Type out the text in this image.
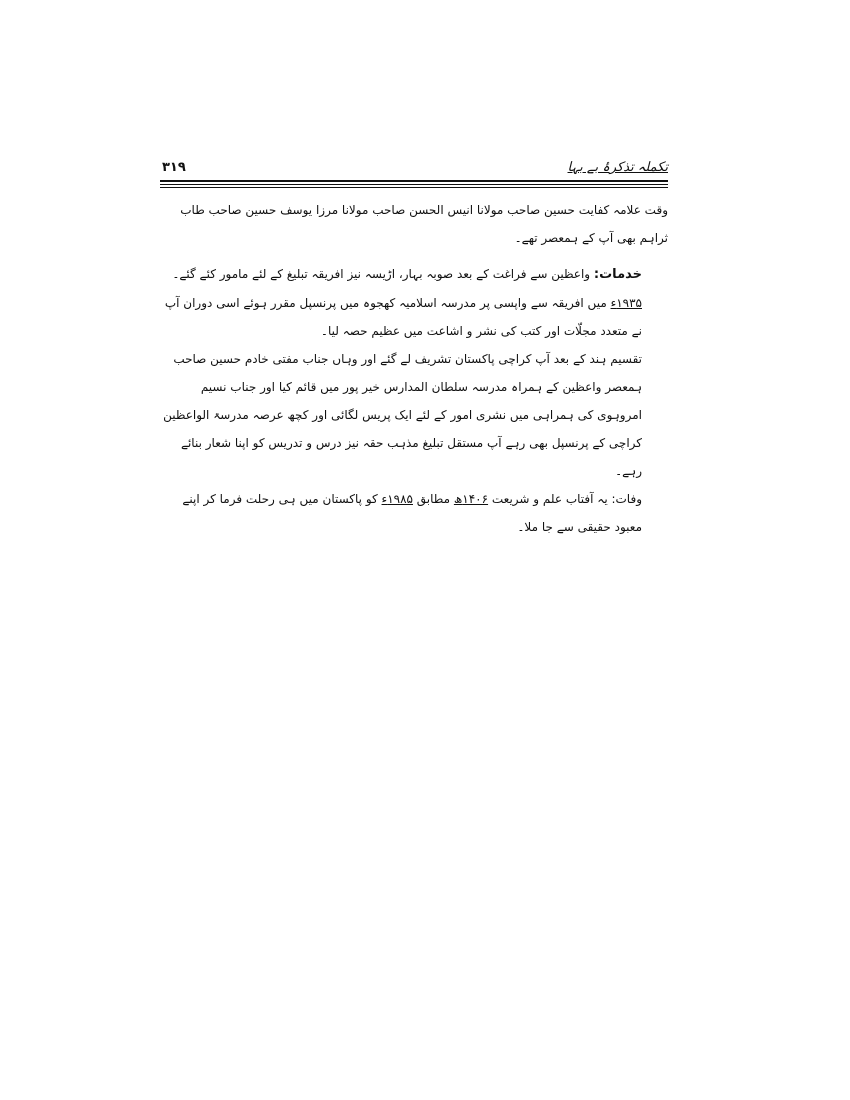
تکملہ تذکرۂ بے بہا
۳۱۹

وقت علامہ کفایت حسین صاحب مولانا انیس الحسن صاحب مولانا مرزا یوسف حسین صاحب طاب ثراہم بھی آپ کے ہمعصر تھے۔

خدمات: واعظین سے فراغت کے بعد صوبہ بہار، اڑیسہ نیز افریقہ تبلیغ کے لئے مامور کئے گئے۔

۱۹۳۵ء میں افریقہ سے واپسی پر مدرسہ اسلامیہ کھجوہ میں پرنسپل مقرر ہوئے اسی دوران آپ نے متعدد مجلّات اور کتب کی نشر و اشاعت میں عظیم حصہ لیا۔

تقسیم ہند کے بعد آپ کراچی پاکستان تشریف لے گئے اور وہاں جناب مفتی خادم حسین صاحب ہمعصر واعظین کے ہمراہ مدرسہ سلطان المدارس خیر پور میں قائم کیا اور جناب نسیم امروہوی کی ہمراہی میں نشری امور کے لئے ایک پریس لگائی اور کچھ عرصہ مدرسۃ الواعظین کراچی کے پرنسپل بھی رہے آپ مستقل تبلیغ مذہب حقہ نیز درس و تدریس کو اپنا شعار بنائے رہے۔

وفات: یہ آفتاب علم و شریعت ۱۴۰۶ھ مطابق ۱۹۸۵ء کو پاکستان میں ہی رحلت فرما کر اپنے معبود حقیقی سے جا ملا۔
